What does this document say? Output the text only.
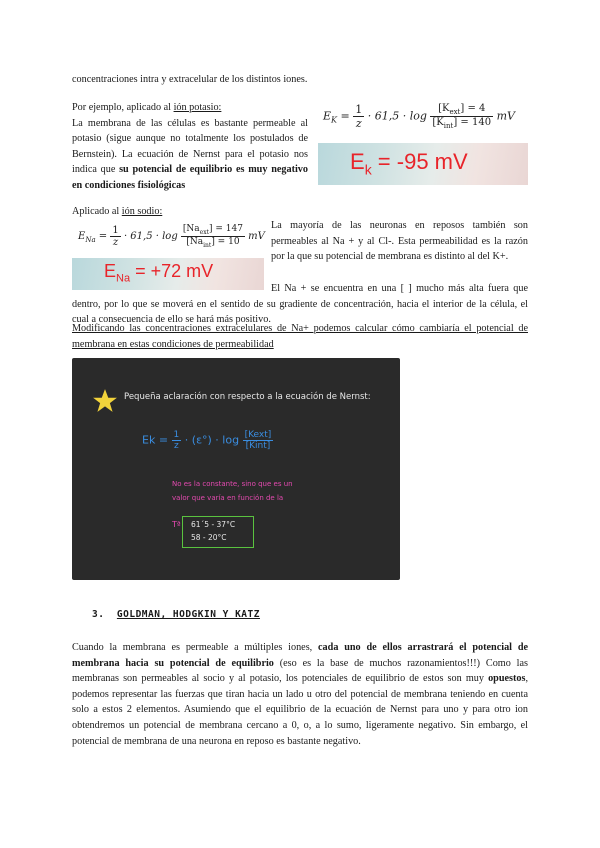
concentraciones intra y extracelular de los distintos iones.
Por ejemplo, aplicado al ión potasio:
La membrana de las células es bastante permeable al potasio (sigue aunque no totalmente los postulados de Bernstein). La ecuación de Nernst para el potasio nos indica que su potencial de equilibrio es muy negativo en condiciones fisiológicas
$E_K = \frac{1}{z} \cdot 61,5 \cdot \log \frac{[K_{ext}] = 4}{[K_{int}] = 140}$ mV
$E_k = -95$ mV
Aplicado al ión sodio:
$E_{Na} = \frac{1}{z} \cdot 61,5 \cdot \log \frac{[Na_{ext}] = 147}{[Na_{int}] = 10}$ mV
$E_{Na} = +72$ mV
La mayoría de las neuronas en reposos también son permeables al Na + y al Cl-. Esta permeabilidad es la razón por la que su potencial de membrana es distinto al del K+.
El Na + se encuentra en una [ ] mucho más alta fuera que dentro, por lo que se moverá en el sentido de su gradiente de concentración, hacia el interior de la célula, el cual a consecuencia de ello se hará más positivo.
Modificando las concentraciones extracelulares de Na+ podemos calcular cómo cambiaría el potencial de membrana en estas condiciones de permeabilidad
Pequeña aclaración con respecto a la ecuación de Nernst:
$Ek = \frac{1}{z} \cdot (\varepsilon^\circ) \cdot \log \frac{\text{[Kext]}}{\text{[Kint]}}$
No es la constante, sino que es un
valor que varía en función de la
Tª 61´5 - 37°C
58 - 20°C
3. GOLDMAN, HODGKIN Y KATZ
Cuando la membrana es permeable a múltiples iones, cada uno de ellos arrastrará el potencial de membrana hacia su potencial de equilibrio (eso es la base de muchos razonamientos!!!) Como las membranas son permeables al socio y al potasio, los potenciales de equilibrio de estos son muy opuestos, podemos representar las fuerzas que tiran hacia un lado u otro del potencial de membrana teniendo en cuenta solo a estos 2 elementos. Asumiendo que el equilibrio de la ecuación de Nernst para uno y para otro ion obtendremos un potencial de membrana cercano a 0, o, a lo sumo, ligeramente negativo. Sin embargo, el potencial de membrana de una neurona en reposo es bastante negativo.
